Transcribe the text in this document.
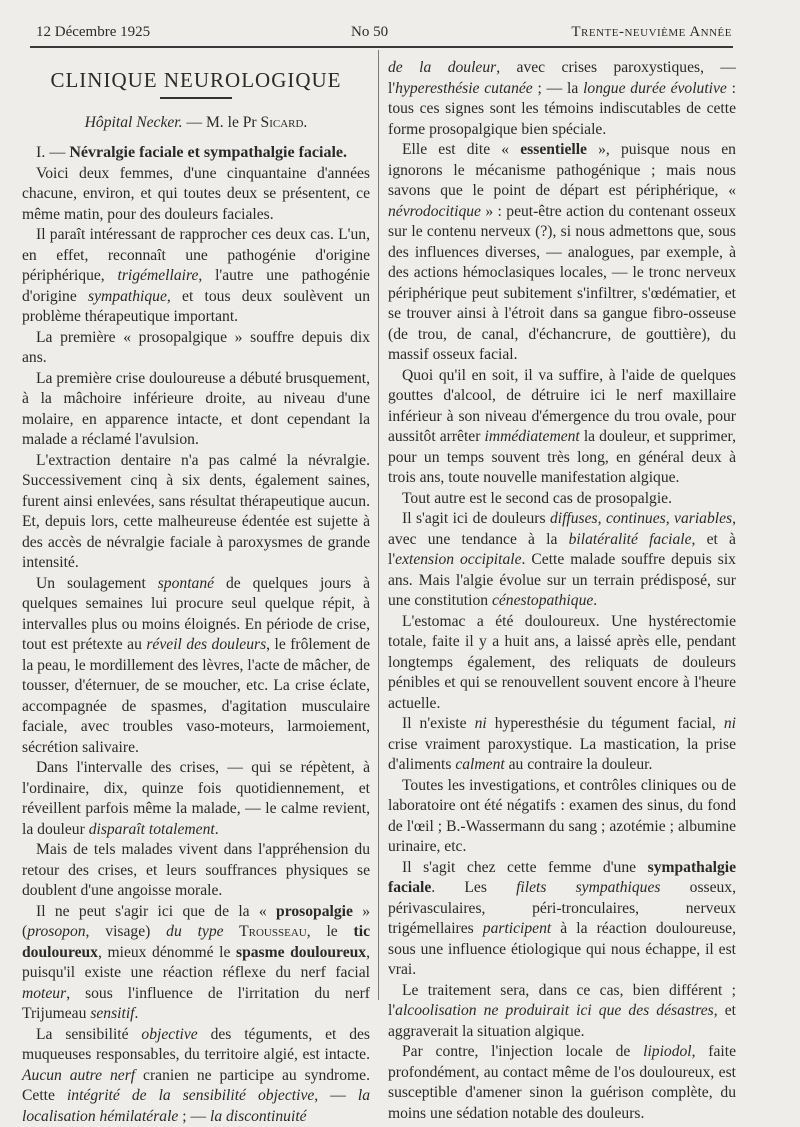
12 Décembre 1925	No 50	Trente-neuvième Année
CLINIQUE NEUROLOGIQUE
Hôpital Necker. — M. le Pr Sicard.

I. — Névralgie faciale et sympathalgie faciale.

Voici deux femmes, d'une cinquantaine d'années chacune, environ, et qui toutes deux se présentent, ce même matin, pour des douleurs faciales.

Il paraît intéressant de rapprocher ces deux cas. L'un, en effet, reconnaît une pathogénie d'origine périphérique, trigémellaire, l'autre une pathogénie d'origine sympathique, et tous deux soulèvent un problème thérapeutique important.

La première « prosopalgique » souffre depuis dix ans.

La première crise douloureuse a débuté brusquement, à la mâchoire inférieure droite, au niveau d'une molaire, en apparence intacte, et dont cependant la malade a réclamé l'avulsion.

L'extraction dentaire n'a pas calmé la névralgie. Successivement cinq à six dents, également saines, furent ainsi enlevées, sans résultat thérapeutique aucun. Et, depuis lors, cette malheureuse édentée est sujette à des accès de névralgie faciale à paroxysmes de grande intensité.

Un soulagement spontané de quelques jours à quelques semaines lui procure seul quelque répit, à intervalles plus ou moins éloignés. En période de crise, tout est prétexte au réveil des douleurs, le frôlement de la peau, le mordillement des lèvres, l'acte de mâcher, de tousser, d'éternuer, de se moucher, etc. La crise éclate, accompagnée de spasmes, d'agitation musculaire faciale, avec troubles vaso-moteurs, larmoiement, sécrétion salivaire.

Dans l'intervalle des crises, — qui se répètent, à l'ordinaire, dix, quinze fois quotidiennement, et réveillent parfois même la malade, — le calme revient, la douleur disparaît totalement.

Mais de tels malades vivent dans l'appréhension du retour des crises, et leurs souffrances physiques se doublent d'une angoisse morale.

Il ne peut s'agir ici que de la « prosopalgie » (prosopon, visage) du type Trousseau, le tic douloureux, mieux dénommé le spasme douloureux, puisqu'il existe une réaction réflexe du nerf facial moteur, sous l'influence de l'irritation du nerf Trijumeau sensitif.

La sensibilité objective des téguments, et des muqueuses responsables, du territoire algié, est intacte. Aucun autre nerf cranien ne participe au syndrome. Cette intégrité de la sensibilité objective, — la localisation hémilatérale ; — la discontinuité

de la douleur, avec crises paroxystiques, — l'hyperesthésie cutanée ; — la longue durée évolutive : tous ces signes sont les témoins indiscutables de cette forme prosopalgique bien spéciale.

Elle est dite « essentielle », puisque nous en ignorons le mécanisme pathogénique ; mais nous savons que le point de départ est périphérique, « névrodocitique » : peut-être action du contenant osseux sur le contenu nerveux (?), si nous admettons que, sous des influences diverses, — analogues, par exemple, à des actions hémoclasiques locales, — le tronc nerveux périphérique peut subitement s'infiltrer, s'œdématier, et se trouver ainsi à l'étroit dans sa gangue fibro-osseuse (de trou, de canal, d'échancrure, de gouttière), du massif osseux facial.

Quoi qu'il en soit, il va suffire, à l'aide de quelques gouttes d'alcool, de détruire ici le nerf maxillaire inférieur à son niveau d'émergence du trou ovale, pour aussitôt arrêter immédiatement la douleur, et supprimer, pour un temps souvent très long, en général deux à trois ans, toute nouvelle manifestation algique.

Tout autre est le second cas de prosopalgie.

Il s'agit ici de douleurs diffuses, continues, variables, avec une tendance à la bilatéralité faciale, et à l'extension occipitale. Cette malade souffre depuis six ans. Mais l'algie évolue sur un terrain prédisposé, sur une constitution cénestopathique.

L'estomac a été douloureux. Une hystérectomie totale, faite il y a huit ans, a laissé après elle, pendant longtemps également, des reliquats de douleurs pénibles et qui se renouvellent souvent encore à l'heure actuelle.

Il n'existe ni hyperesthésie du tégument facial, ni crise vraiment paroxystique. La mastication, la prise d'aliments calment au contraire la douleur.

Toutes les investigations, et contrôles cliniques ou de laboratoire ont été négatifs : examen des sinus, du fond de l'œil ; B.-Wassermann du sang ; azotémie ; albumine urinaire, etc.

Il s'agit chez cette femme d'une sympathalgie faciale. Les filets sympathiques osseux, périvasculaires, péri-tronculaires, nerveux trigémellaires participent à la réaction douloureuse, sous une influence étiologique qui nous échappe, il est vrai.

Le traitement sera, dans ce cas, bien différent ; l'alcoolisation ne produirait ici que des désastres, et aggraverait la situation algique.

Par contre, l'injection locale de lipiodol, faite profondément, au contact même de l'os douloureux, est susceptible d'amener sinon la guérison complète, du moins une sédation notable des douleurs.
